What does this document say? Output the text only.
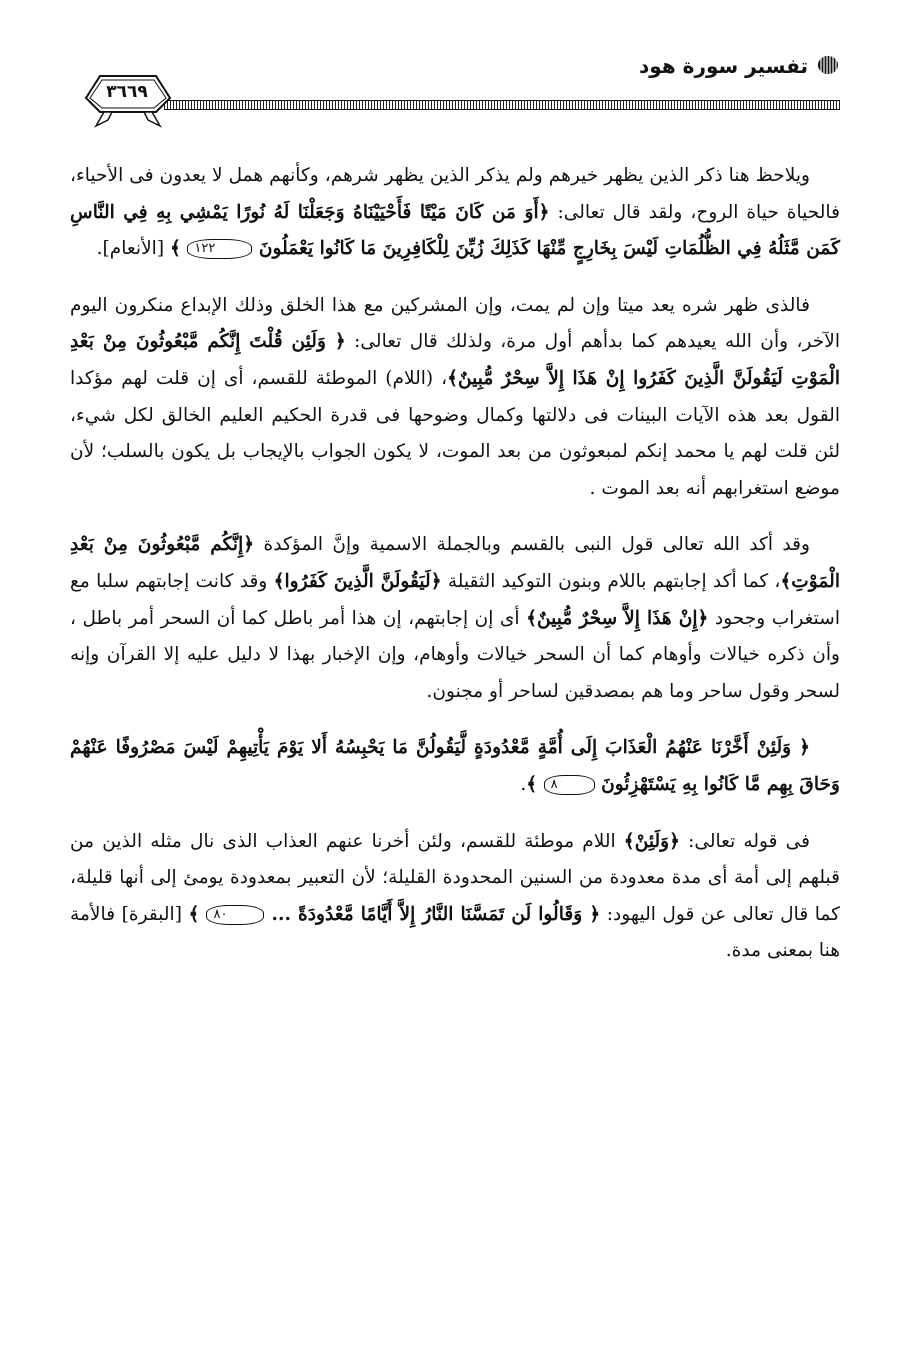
تفسير سورة هود
٣٦٦٩

ويلاحظ هنا ذكر الذين يظهر خيرهم ولم يذكر الذين يظهر شرهم، وكأنهم همل لا يعدون فى الأحياء، فالحياة حياة الروح، ولقد قال تعالى: ﴿أَوَ مَن كَانَ مَيْتًا فَأَحْيَيْنَاهُ وَجَعَلْنَا لَهُ نُورًا يَمْشِي بِهِ فِي النَّاسِ كَمَن مَّثَلُهُ فِي الظُّلُمَاتِ لَيْسَ بِخَارِجٍ مِّنْهَا كَذَلِكَ زُيِّنَ لِلْكَافِرِينَ مَا كَانُوا يَعْمَلُونَ ١٢٢ ﴾ [الأنعام].

فالذى ظهر شره يعد ميتا وإن لم يمت، وإن المشركين مع هذا الخلق وذلك الإبداع منكرون اليوم الآخر، وأن الله يعيدهم كما بدأهم أول مرة، ولذلك قال تعالى: ﴿ وَلَئِن قُلْتَ إِنَّكُم مَّبْعُوثُونَ مِنْ بَعْدِ الْمَوْتِ لَيَقُولَنَّ الَّذِينَ كَفَرُوا إِنْ هَذَا إِلاَّ سِحْرٌ مُّبِينٌ﴾، (اللام) الموطئة للقسم، أى إن قلت لهم مؤكدا القول بعد هذه الآيات البينات فى دلالتها وكمال وضوحها فى قدرة الحكيم العليم الخالق لكل شيء، لئن قلت لهم يا محمد إنكم لمبعوثون من بعد الموت، لا يكون الجواب بالإيجاب بل يكون بالسلب؛ لأن موضع استغرابهم أنه بعد الموت .

وقد أكد الله تعالى قول النبى بالقسم وبالجملة الاسمية وإنَّ المؤكدة ﴿إِنَّكُم مَّبْعُوثُونَ مِنْ بَعْدِ الْمَوْتِ﴾، كما أكد إجابتهم باللام وبنون التوكيد الثقيلة ﴿لَيَقُولَنَّ الَّذِينَ كَفَرُوا﴾ وقد كانت إجابتهم سلبا مع استغراب وجحود ﴿إِنْ هَذَا إِلاَّ سِحْرٌ مُّبِينٌ﴾ أى إن إجابتهم، إن هذا أمر باطل كما أن السحر أمر باطل ، وأن ذكره خيالات وأوهام كما أن السحر خيالات وأوهام، وإن الإخبار بهذا لا دليل عليه إلا القرآن وإنه لسحر وقول ساحر وما هم بمصدقين لساحر أو مجنون.

﴿ وَلَئِنْ أَخَّرْنَا عَنْهُمُ الْعَذَابَ إِلَى أُمَّةٍ مَّعْدُودَةٍ لَّيَقُولُنَّ مَا يَحْبِسُهُ أَلا يَوْمَ يَأْتِيهِمْ لَيْسَ مَصْرُوفًا عَنْهُمْ وَحَاقَ بِهِم مَّا كَانُوا بِهِ يَسْتَهْزِئُونَ ٨ ﴾.

فى قوله تعالى: ﴿وَلَئِنْ﴾ اللام موطئة للقسم، ولئن أخرنا عنهم العذاب الذى نال مثله الذين من قبلهم إلى أمة أى مدة معدودة من السنين المحدودة القليلة؛ لأن التعبير بمعدودة يومئ إلى أنها قليلة، كما قال تعالى عن قول اليهود: ﴿ وَقَالُوا لَن تَمَسَّنَا النَّارُ إِلاَّ أَيَّامًا مَّعْدُودَةً ... ٨٠ ﴾ [البقرة] فالأمة هنا بمعنى مدة.
